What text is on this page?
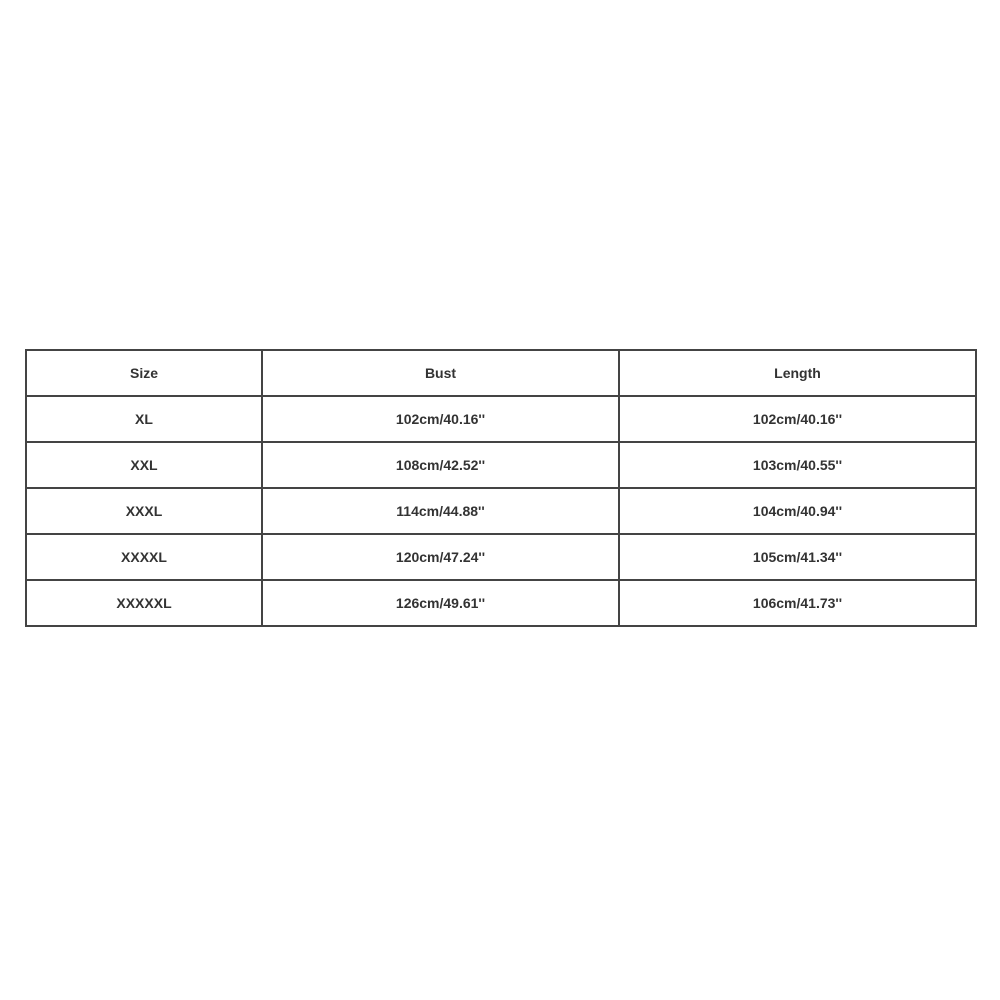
Size	Bust	Length
XL	102cm/40.16''	102cm/40.16''
XXL	108cm/42.52''	103cm/40.55''
XXXL	114cm/44.88''	104cm/40.94''
XXXXL	120cm/47.24''	105cm/41.34''
XXXXXL	126cm/49.61''	106cm/41.73''
